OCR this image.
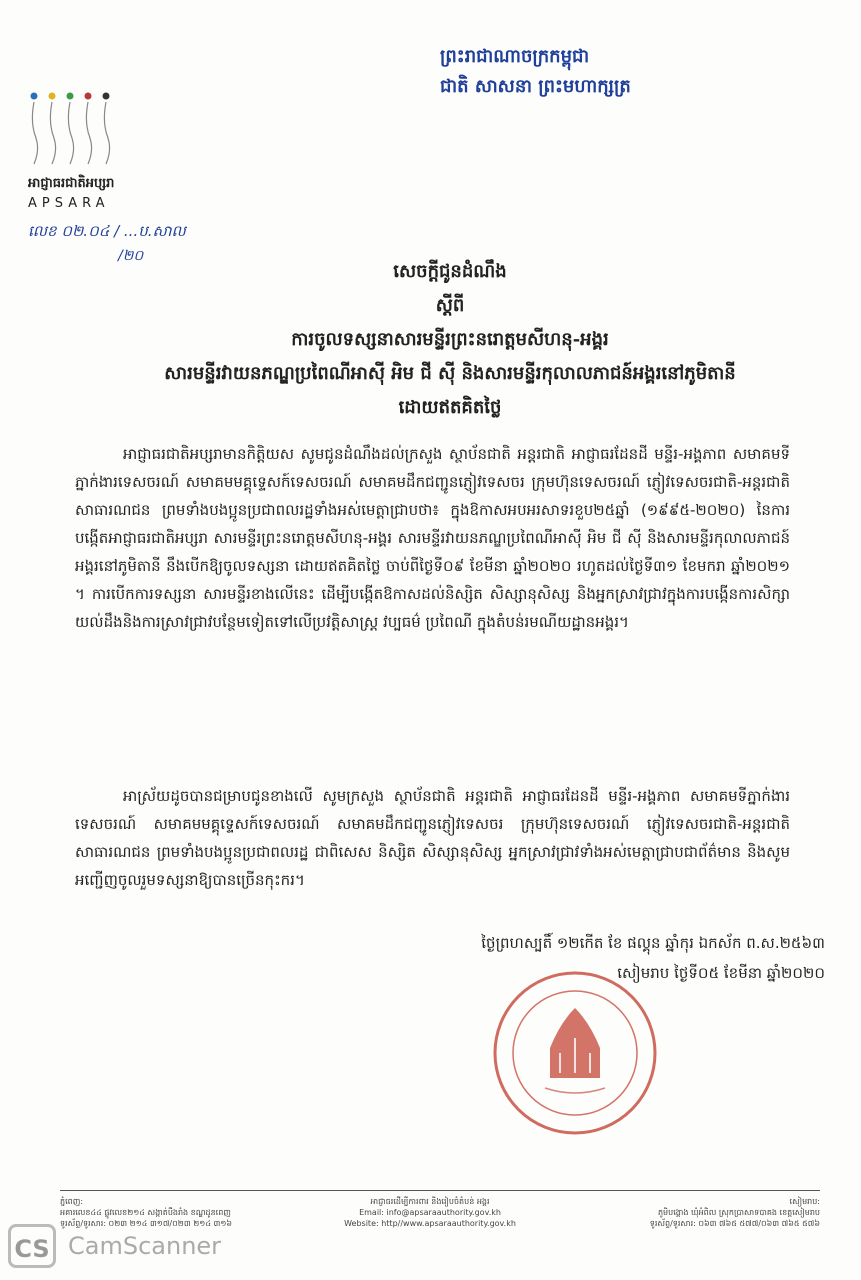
ព្រះរាជាណាចក្រកម្ពុជា
ជាតិ សាសនា ព្រះមហាក្សត្រ
អាជ្ញាធរជាតិអប្សរា
APSARA
លេខ ០២.០៤ / ...ប.សាល
/២០
សេចក្តីជូនដំណឹង
ស្តីពី
ការចូលទស្សនាសារមន្ទីរព្រះនរោត្តមសីហនុ-អង្គរ
សារមន្ទីរវាយនភណ្ឌប្រពៃណីអាស៊ី អិម ជី ស៊ី និងសារមន្ទីរកុលាលភាជន៍អង្គរនៅភូមិតានី
ដោយឥតគិតថ្លៃ
អាជ្ញាធរជាតិអប្សរាមានកិត្តិយស សូមជូនដំណឹងដល់ក្រសួង ស្ថាប័នជាតិ អន្តរជាតិ អាជ្ញាធរដែនដី មន្ទីរ-អង្គភាព សមាគមទីភ្នាក់ងារទេសចរណ៍ សមាគមមគ្គុទ្ទេសក៍ទេសចរណ៍ សមាគមដឹកជញ្ជូនភ្ញៀវទេសចរ ក្រុមហ៊ុនទេសចរណ៍ ភ្ញៀវទេសចរជាតិ-អន្តរជាតិ សាធារណជន ព្រមទាំងបងប្អូនប្រជាពលរដ្ឋទាំងអស់មេត្តាជ្រាបថា៖ ក្នុងឱកាសអបអរសាទរខួប២៥ឆ្នាំ (១៩៩៥-២០២០) នៃការបង្កើតអាជ្ញាធរជាតិអប្សរា សារមន្ទីរព្រះនរោត្តមសីហនុ-អង្គរ សារមន្ទីរវាយនភណ្ឌប្រពៃណីអាស៊ី អិម ជី ស៊ី និងសារមន្ទីរកុលាលភាជន៍អង្គរនៅភូមិតានី នឹងបើកឱ្យចូលទស្សនា ដោយឥតគិតថ្លៃ ចាប់ពីថ្ងៃទី០៩ ខែមីនា ឆ្នាំ២០២០ រហូតដល់ថ្ងៃទី៣១ ខែមករា ឆ្នាំ២០២១ ។ ការបើកការទស្សនា សារមន្ទីរខាងលើនេះ ដើម្បីបង្កើតឱកាសដល់និស្សិត សិស្សានុសិស្ស និងអ្នកស្រាវជ្រាវក្នុងការបង្កើនការសិក្សាយល់ដឹងនិងការស្រាវជ្រាវបន្ថែមទៀតទៅលើប្រវត្តិសាស្រ្ត វប្បធម៌ ប្រពៃណី ក្នុងតំបន់រមណីយដ្ឋានអង្គរ។
អាស្រ័យដូចបានជម្រាបជូនខាងលើ សូមក្រសួង ស្ថាប័នជាតិ អន្តរជាតិ អាជ្ញាធរដែនដី មន្ទីរ-អង្គភាព សមាគមទីភ្នាក់ងារទេសចរណ៍ សមាគមមគ្គុទ្ទេសក៍ទេសចរណ៍ សមាគមដឹកជញ្ជូនភ្ញៀវទេសចរ ក្រុមហ៊ុនទេសចរណ៍ ភ្ញៀវទេសចរជាតិ-អន្តរជាតិ សាធារណជន ព្រមទាំងបងប្អូនប្រជាពលរដ្ឋ ជាពិសេស និស្សិត សិស្សានុសិស្ស អ្នកស្រាវជ្រាវទាំងអស់មេត្តាជ្រាបជាព័ត៌មាន និងសូមអញ្ជើញចូលរួមទស្សនាឱ្យបានច្រើនកុះករ។
ថ្ងៃព្រហស្បតិ៍ ១២កើត ខែ ផល្គុន ឆ្នាំកុរ ឯកស័ក ព.ស.២៥៦៣
សៀមរាប ថ្ងៃទី០៥ ខែមីនា ឆ្នាំ២០២០
ភ្នំពេញ:
អគារលេខ៤៤ ផ្លូវលេខ២១៤ សង្កាត់បឹងរាំង ខណ្ឌដូនពេញ
ទូរស័ព្ទ/ទូរសារ: ០២៣ ២១៤ ៣១៧/០២៣ ២១៤ ៣១៦
អាជ្ញាធរដើម្បីការពារ និងរៀបចំតំបន់ អង្គរ
Email: info@apsaraauthority.gov.kh
Website: http//www.apsaraauthority.gov.kh
សៀមរាប:
ភូមិបង្គោង ឃុំអំពិល ស្រុកប្រាសាទបាគង ខេត្តសៀមរាប
ទូរស័ព្ទ/ទូរសារ: ០៦៣ ៧៦៥ ៥៧៧/០៦៣ ៧៦៥ ៥៧៦
CS CamScanner
